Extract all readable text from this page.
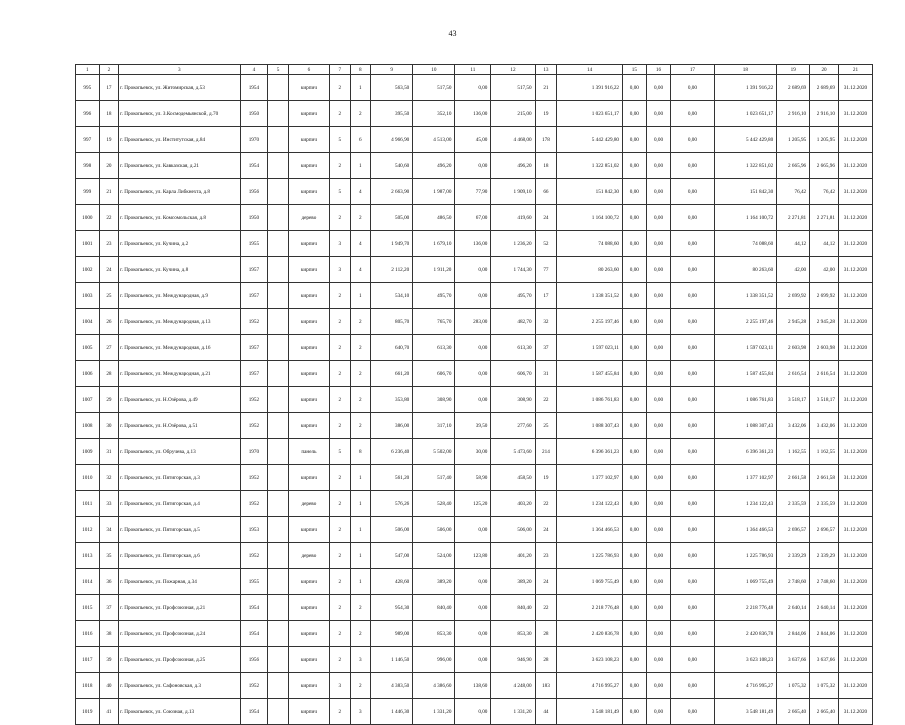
43
1	2	3	4	5	6	7	8	9	10	11	12	13	14	15	16	17	18	19	20	21
995	17	г. Прокопьевск, ул. Житомирская, д.53	1954		кирпич	2	1	563,50	517,50	0,00	517,50	21	1 391 916,22	0,00	0,00	0,00	1 391 916,22	2 689,69	2 689,69	31.12.2020
996	18	г. Прокопьевск, ул. З.Космодемьянской, д.70	1950		кирпич	2	2	395,50	352,10	136,00	215,00	19	1 023 651,17	0,00	0,00	0,00	1 023 651,17	2 916,10	2 916,10	31.12.2020
997	19	г. Прокопьевск, ул. Институтская, д.84	1970		кирпич	5	6	4 966,90	4 513,00	45,00	4 468,00	178	5 442 429,80	0,00	0,00	0,00	5 442 429,80	1 205,95	1 205,95	31.12.2020
998	20	г. Прокопьевск, ул. Кавказская, д.21	1954		кирпич	2	1	540,60	496,20	0,00	496,20	18	1 322 851,02	0,00	0,00	0,00	1 322 851,02	2 665,96	2 665,96	31.12.2020
999	21	г. Прокопьевск, ул. Карла Либкнехта, д.8	1956		кирпич	5	4	2 663,90	1 987,00	77,90	1 909,10	66	151 842,30	0,00	0,00	0,00	151 842,30	76,42	76,42	31.12.2020
1000	22	г. Прокопьевск, ул. Комсомольская, д.8	1950		дерево	2	2	505,00	486,50	67,00	419,60	24	1 164 100,72	0,00	0,00	0,00	1 164 100,72	2 271,81	2 271,81	31.12.2020
1001	23	г. Прокопьевск, ул. Кучина, д.2	1955		кирпич	3	4	1 949,70	1 679,10	136,00	1 236,20	52	74 088,60	0,00	0,00	0,00	74 088,60	44,12	44,12	31.12.2020
1002	24	г. Прокопьевск, ул. Кучина, д.8	1957		кирпич	3	4	2 112,20	1 911,20	0,00	1 744,30	77	80 263,60	0,00	0,00	0,00	80 263,60	42,00	42,00	31.12.2020
1003	25	г. Прокопьевск, ул. Международная, д.9	1957		кирпич	2	1	534,10	495,70	0,00	495,70	17	1 338 351,52	0,00	0,00	0,00	1 338 351,52	2 699,92	2 699,92	31.12.2020
1004	26	г. Прокопьевск, ул. Международная, д.13	1952		кирпич	2	2	805,70	765,70	283,00	482,70	32	2 255 197,46	0,00	0,00	0,00	2 255 197,46	2 945,28	2 945,28	31.12.2020
1005	27	г. Прокопьевск, ул. Международная, д.16	1957		кирпич	2	2	640,70	613,30	0,00	613,30	37	1 597 023,11	0,00	0,00	0,00	1 597 023,11	2 603,98	2 603,98	31.12.2020
1006	28	г. Прокопьевск, ул. Международная, д.21	1957		кирпич	2	2	661,20	606,70	0,00	606,70	31	1 587 455,84	0,00	0,00	0,00	1 587 455,84	2 616,54	2 616,54	31.12.2020
1007	29	г. Прокопьевск, ул. Н.Озёрова, д.49	1952		кирпич	2	2	353,80	308,90	0,00	308,90	22	1 086 761,83	0,00	0,00	0,00	1 086 761,83	3 518,17	3 518,17	31.12.2020
1008	30	г. Прокопьевск, ул. Н.Озёрова, д.51	1952		кирпич	2	2	386,00	317,10	39,50	277,60	25	1 088 307,43	0,00	0,00	0,00	1 088 307,43	3 432,06	3 432,06	31.12.2020
1009	31	г. Прокопьевск, ул. Обручева, д.13	1970		панель	5	8	6 236,40	5 502,00	30,00	5 473,60	214	6 396 361,23	0,00	0,00	0,00	6 396 361,23	1 162,55	1 162,55	31.12.2020
1010	32	г. Прокопьевск, ул. Пятигорская, д.3	1952		кирпич	2	1	561,20	517,40	58,90	458,50	19	1 377 102,97	0,00	0,00	0,00	1 377 102,97	2 661,58	2 661,58	31.12.2020
1011	33	г. Прокопьевск, ул. Пятигорская, д.4	1952		дерево	2	1	576,26	528,40	125,20	403,20	22	1 234 122,43	0,00	0,00	0,00	1 234 122,43	2 335,59	2 335,59	31.12.2020
1012	34	г. Прокопьевск, ул. Пятигорская, д.5	1953		кирпич	2	1	506,00	506,00	0,00	506,00	24	1 364 466,53	0,00	0,00	0,00	1 364 466,53	2 696,57	2 696,57	31.12.2020
1013	35	г. Прокопьевск, ул. Пятигорская, д.6	1952		дерево	2	1	547,00	524,00	123,80	401,20	23	1 225 786,93	0,00	0,00	0,00	1 225 786,93	2 339,29	2 339,29	31.12.2020
1014	36	г. Прокопьевск, ул. Пожарная, д.34	1955		кирпич	2	1	428,60	389,20	0,00	389,20	24	1 069 755,49	0,00	0,00	0,00	1 069 755,49	2 748,60	2 748,60	31.12.2020
1015	37	г. Прокопьевск, ул. Профсоюзная, д.21	1954		кирпич	2	2	954,30	840,40	0,00	840,40	22	2 218 776,48	0,00	0,00	0,00	2 218 776,48	2 640,14	2 640,14	31.12.2020
1016	38	г. Прокопьевск, ул. Профсоюзная, д.24	1954		кирпич	2	2	989,00	853,30	0,00	853,30	28	2 420 836,78	0,00	0,00	0,00	2 420 836,78	2 844,06	2 844,06	31.12.2020
1017	39	г. Прокопьевск, ул. Профсоюзная, д.25	1956		кирпич	2	3	1 146,50	996,00	0,00	946,90	28	3 623 108,23	0,00	0,00	0,00	3 623 108,23	3 637,66	3 637,66	31.12.2020
1018	40	г. Прокопьевск, ул. Сафоновская, д.3	1952		кирпич	3	2	4 383,50	4 386,60	138,60	4 248,00	183	4 716 995,27	0,00	0,00	0,00	4 716 995,27	1 075,32	1 075,32	31.12.2020
1019	41	г. Прокопьевск, ул. Союзная, д.13	1954		кирпич	2	3	1 446,30	1 331,20	0,00	1 331,20	44	3 548 181,49	0,00	0,00	0,00	3 548 181,49	2 665,40	2 665,40	31.12.2020
